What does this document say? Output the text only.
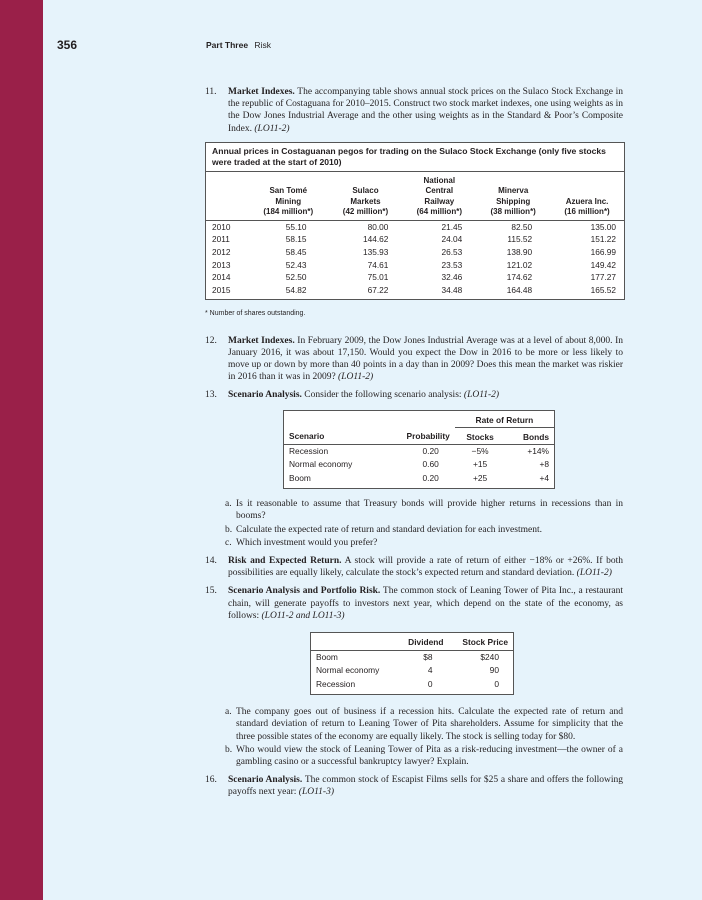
356	Part Three Risk
11. Market Indexes. The accompanying table shows annual stock prices on the Sulaco Stock Exchange in the republic of Costaguana for 2010–2015. Construct two stock market indexes, one using weights as in the Dow Jones Industrial Average and the other using weights as in the Standard & Poor’s Composite Index. (LO11-2)
Annual prices in Costaguanan pegos for trading on the Sulaco Stock Exchange (only five stocks were traded at the start of 2010)
	San Tomé
Mining
(184 million*)	Sulaco
Markets
(42 million*)	National
Central
Railway
(64 million*)	Minerva
Shipping
(38 million*)	Azuera Inc.
(16 million*)
2010	55.10	80.00	21.45	82.50	135.00
2011	58.15	144.62	24.04	115.52	151.22
2012	58.45	135.93	26.53	138.90	166.99
2013	52.43	74.61	23.53	121.02	149.42
2014	52.50	75.01	32.46	174.62	177.27
2015	54.82	67.22	34.48	164.48	165.52
* Number of shares outstanding.
12. Market Indexes. In February 2009, the Dow Jones Industrial Average was at a level of about 8,000. In January 2016, it was about 17,150. Would you expect the Dow in 2016 to be more or less likely to move up or down by more than 40 points in a day than in 2009? Does this mean the market was riskier in 2016 than it was in 2009? (LO11-2)
13. Scenario Analysis. Consider the following scenario analysis: (LO11-2)
		Rate of Return	
Scenario	Probability	Stocks	Bonds
Recession	0.20	−5%	+14%
Normal economy	0.60	+15	+8
Boom	0.20	+25	+4
a. Is it reasonable to assume that Treasury bonds will provide higher returns in recessions than in booms?
b. Calculate the expected rate of return and standard deviation for each investment.
c. Which investment would you prefer?
14. Risk and Expected Return. A stock will provide a rate of return of either −18% or +26%. If both possibilities are equally likely, calculate the stock’s expected return and standard deviation. (LO11-2)
15. Scenario Analysis and Portfolio Risk. The common stock of Leaning Tower of Pita Inc., a restaurant chain, will generate payoffs to investors next year, which depend on the state of the economy, as follows: (LO11-2 and LO11-3)
	Dividend	Stock Price
Boom	$8	$240
Normal economy	4	90
Recession	0	0
a. The company goes out of business if a recession hits. Calculate the expected rate of return and standard deviation of return to Leaning Tower of Pita shareholders. Assume for simplicity that the three possible states of the economy are equally likely. The stock is selling today for $80.
b. Who would view the stock of Leaning Tower of Pita as a risk-reducing investment—the owner of a gambling casino or a successful bankruptcy lawyer? Explain.
16. Scenario Analysis. The common stock of Escapist Films sells for $25 a share and offers the following payoffs next year: (LO11-3)
